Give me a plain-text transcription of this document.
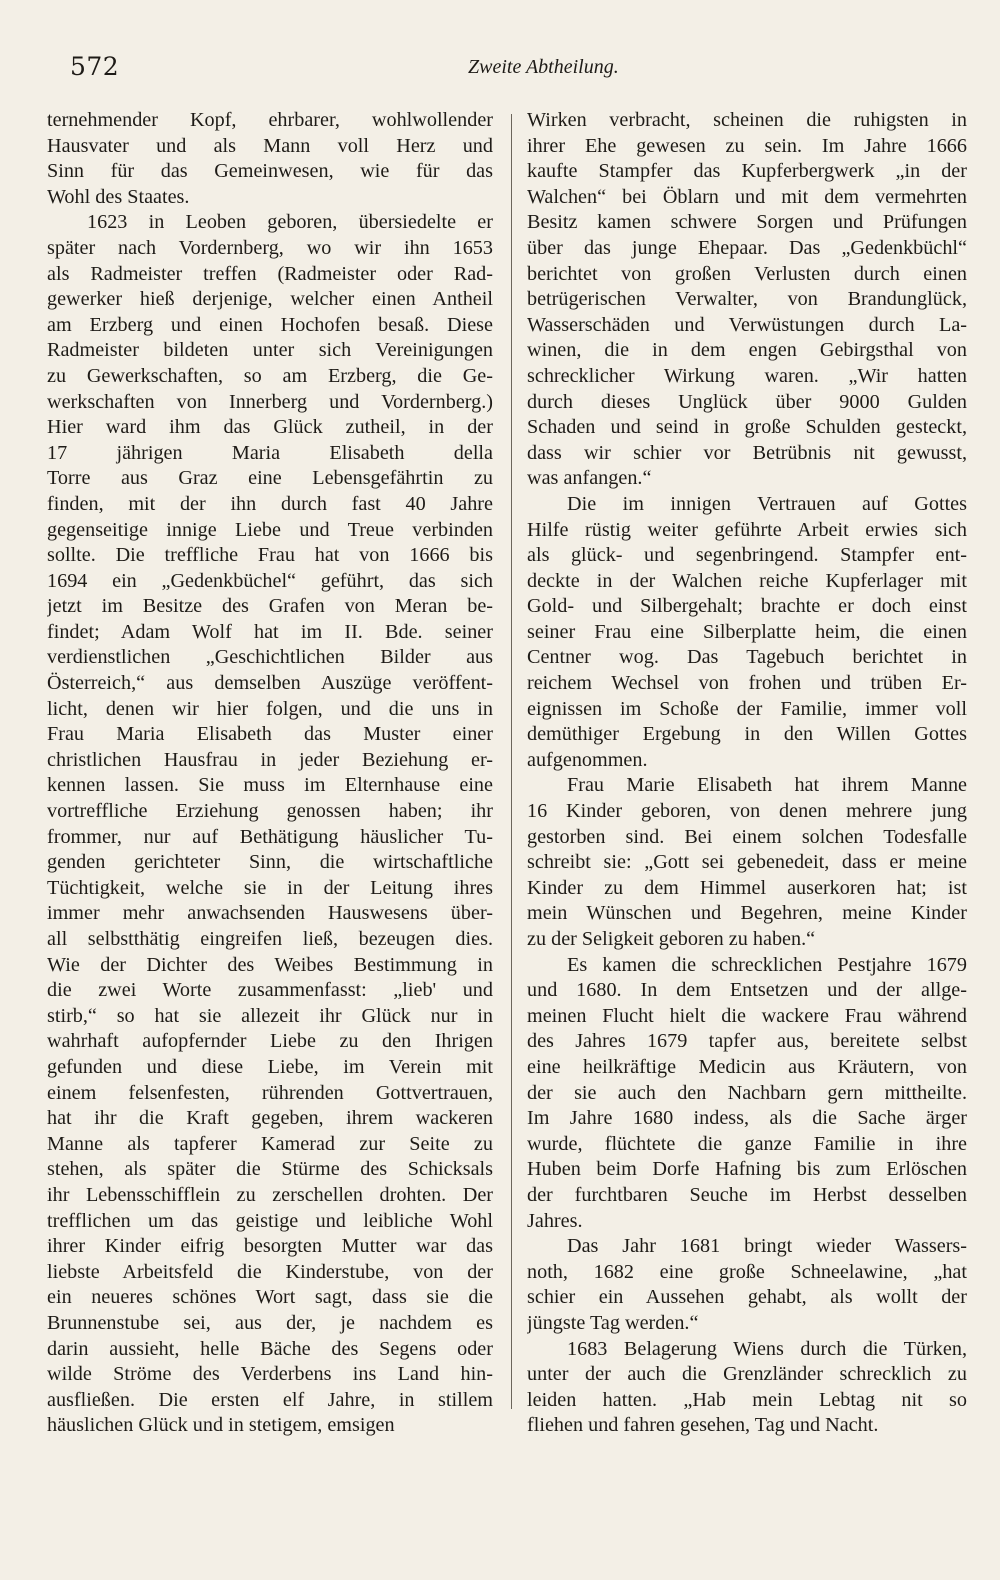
572	Zweite Abtheilung.
ternehmender Kopf, ehrbarer, wohlwollender
Hausvater und als Mann voll Herz und
Sinn für das Gemeinwesen, wie für das
Wohl des Staates.
1623 in Leoben geboren, übersiedelte er
später nach Vordernberg, wo wir ihn 1653
als Radmeister treffen (Radmeister oder Rad-
gewerker hieß derjenige, welcher einen Antheil
am Erzberg und einen Hochofen besaß. Diese
Radmeister bildeten unter sich Vereinigungen
zu Gewerkschaften, so am Erzberg, die Ge-
werkschaften von Innerberg und Vordernberg.)
Hier ward ihm das Glück zutheil, in der
17 jährigen Maria Elisabeth della
Torre aus Graz eine Lebensgefährtin zu
finden, mit der ihn durch fast 40 Jahre
gegenseitige innige Liebe und Treue verbinden
sollte. Die treffliche Frau hat von 1666 bis
1694 ein „Gedenkbüchel“ geführt, das sich
jetzt im Besitze des Grafen von Meran be-
findet; Adam Wolf hat im II. Bde. seiner
verdienstlichen „Geschichtlichen Bilder aus
Österreich,“ aus demselben Auszüge veröffent-
licht, denen wir hier folgen, und die uns in
Frau Maria Elisabeth das Muster einer
christlichen Hausfrau in jeder Beziehung er-
kennen lassen. Sie muss im Elternhause eine
vortreffliche Erziehung genossen haben; ihr
frommer, nur auf Bethätigung häuslicher Tu-
genden gerichteter Sinn, die wirtschaftliche
Tüchtigkeit, welche sie in der Leitung ihres
immer mehr anwachsenden Hauswesens über-
all selbstthätig eingreifen ließ, bezeugen dies.
Wie der Dichter des Weibes Bestimmung in
die zwei Worte zusammenfasst: „lieb' und
stirb,“ so hat sie allezeit ihr Glück nur in
wahrhaft aufopfernder Liebe zu den Ihrigen
gefunden und diese Liebe, im Verein mit
einem felsenfesten, rührenden Gottvertrauen,
hat ihr die Kraft gegeben, ihrem wackeren
Manne als tapferer Kamerad zur Seite zu
stehen, als später die Stürme des Schicksals
ihr Lebensschifflein zu zerschellen drohten. Der
trefflichen um das geistige und leibliche Wohl
ihrer Kinder eifrig besorgten Mutter war das
liebste Arbeitsfeld die Kinderstube, von der
ein neueres schönes Wort sagt, dass sie die
Brunnenstube sei, aus der, je nachdem es
darin aussieht, helle Bäche des Segens oder
wilde Ströme des Verderbens ins Land hin-
ausfließen. Die ersten elf Jahre, in stillem
häuslichen Glück und in stetigem, emsigen
Wirken verbracht, scheinen die ruhigsten in
ihrer Ehe gewesen zu sein. Im Jahre 1666
kaufte Stampfer das Kupferbergwerk „in der
Walchen“ bei Öblarn und mit dem vermehrten
Besitz kamen schwere Sorgen und Prüfungen
über das junge Ehepaar. Das „Gedenkbüchl“
berichtet von großen Verlusten durch einen
betrügerischen Verwalter, von Brandunglück,
Wasserschäden und Verwüstungen durch La-
winen, die in dem engen Gebirgsthal von
schrecklicher Wirkung waren. „Wir hatten
durch dieses Unglück über 9000 Gulden
Schaden und seind in große Schulden gesteckt,
dass wir schier vor Betrübnis nit gewusst,
was anfangen.“
Die im innigen Vertrauen auf Gottes
Hilfe rüstig weiter geführte Arbeit erwies sich
als glück- und segenbringend. Stampfer ent-
deckte in der Walchen reiche Kupferlager mit
Gold- und Silbergehalt; brachte er doch einst
seiner Frau eine Silberplatte heim, die einen
Centner wog. Das Tagebuch berichtet in
reichem Wechsel von frohen und trüben Er-
eignissen im Schoße der Familie, immer voll
demüthiger Ergebung in den Willen Gottes
aufgenommen.
Frau Marie Elisabeth hat ihrem Manne
16 Kinder geboren, von denen mehrere jung
gestorben sind. Bei einem solchen Todesfalle
schreibt sie: „Gott sei gebenedeit, dass er meine
Kinder zu dem Himmel auserkoren hat; ist
mein Wünschen und Begehren, meine Kinder
zu der Seligkeit geboren zu haben.“
Es kamen die schrecklichen Pestjahre 1679
und 1680. In dem Entsetzen und der allge-
meinen Flucht hielt die wackere Frau während
des Jahres 1679 tapfer aus, bereitete selbst
eine heilkräftige Medicin aus Kräutern, von
der sie auch den Nachbarn gern mittheilte.
Im Jahre 1680 indess, als die Sache ärger
wurde, flüchtete die ganze Familie in ihre
Huben beim Dorfe Hafning bis zum Erlöschen
der furchtbaren Seuche im Herbst desselben
Jahres.
Das Jahr 1681 bringt wieder Wassers-
noth, 1682 eine große Schneelawine, „hat
schier ein Aussehen gehabt, als wollt der
jüngste Tag werden.“
1683 Belagerung Wiens durch die Türken,
unter der auch die Grenzländer schrecklich zu
leiden hatten. „Hab mein Lebtag nit so
fliehen und fahren gesehen, Tag und Nacht.
